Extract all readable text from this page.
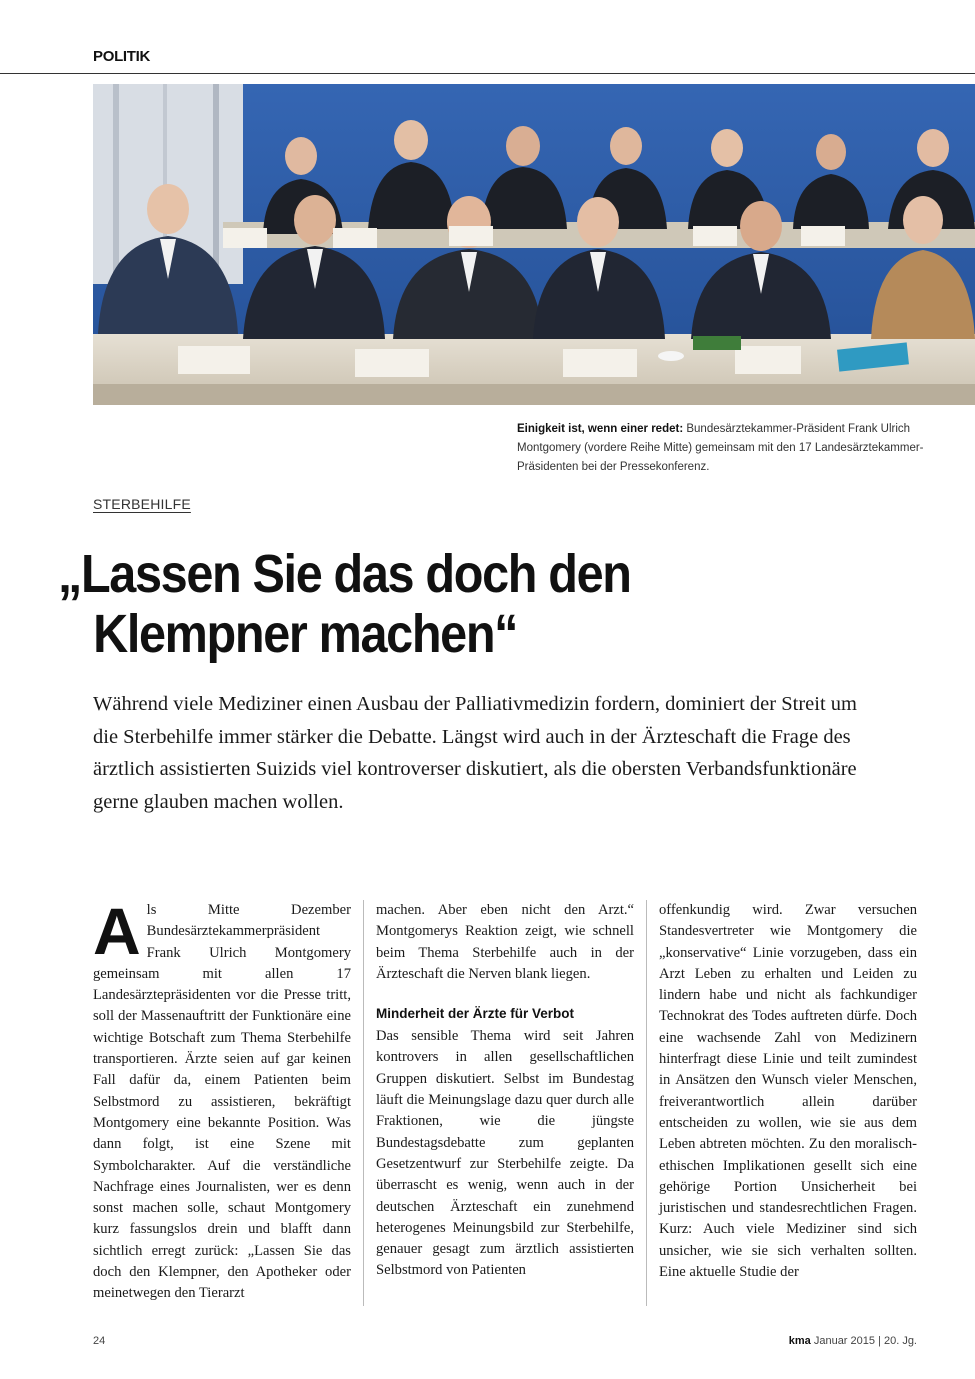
POLITIK
Einigkeit ist, wenn einer redet: Bundesärztekammer-Präsident Frank Ulrich Montgomery (vordere Reihe Mitte) gemeinsam mit den 17 Landesärztekammer-Präsidenten bei der Pressekonferenz.
STERBEHILFE
„Lassen Sie das doch den
Klempner machen“
Während viele Mediziner einen Ausbau der Palliativmedizin fordern, dominiert der Streit um die Sterbehilfe immer stärker die Debatte. Längst wird auch in der Ärzteschaft die Frage des ärztlich assistierten Suizids viel kontroverser diskutiert, als die obersten Verbandsfunktionäre gerne glauben machen wollen.

Als Mitte Dezember Bundesärztekammerpräsident Frank Ulrich Montgomery gemeinsam mit allen 17 Landesärztepräsidenten vor die Presse tritt, soll der Massenauftritt der Funktionäre eine wichtige Botschaft zum Thema Sterbehilfe transportieren. Ärzte seien auf gar keinen Fall dafür da, einem Patienten beim Selbstmord zu assistieren, bekräftigt Montgomery eine bekannte Position. Was dann folgt, ist eine Szene mit Symbolcharakter. Auf die verständliche Nachfrage eines Journalisten, wer es denn sonst machen solle, schaut Montgomery kurz fassungslos drein und blafft dann sichtlich erregt zurück: „Lassen Sie das doch den Klempner, den Apotheker oder meinetwegen den Tierarzt

machen. Aber eben nicht den Arzt.“ Montgomerys Reaktion zeigt, wie schnell beim Thema Sterbehilfe auch in der Ärzteschaft die Nerven blank liegen.

Minderheit der Ärzte für Verbot

Das sensible Thema wird seit Jahren kontrovers in allen gesellschaftlichen Gruppen diskutiert. Selbst im Bundestag läuft die Meinungslage dazu quer durch alle Fraktionen, wie die jüngste Bundestagsdebatte zum geplanten Gesetzentwurf zur Sterbehilfe zeigte. Da überrascht es wenig, wenn auch in der deutschen Ärzteschaft ein zunehmend heterogenes Meinungsbild zur Sterbehilfe, genauer gesagt zum ärztlich assistierten Selbstmord von Patienten

offenkundig wird. Zwar versuchen Standesvertreter wie Montgomery die „konservative“ Linie vorzugeben, dass ein Arzt Leben zu erhalten und Leiden zu lindern habe und nicht als fachkundiger Technokrat des Todes auftreten dürfe. Doch eine wachsende Zahl von Medizinern hinterfragt diese Linie und teilt zumindest in Ansätzen den Wunsch vieler Menschen, freiverantwortlich allein darüber entscheiden zu wollen, wie sie aus dem Leben abtreten möchten. Zu den moralisch-ethischen Implikationen gesellt sich eine gehörige Portion Unsicherheit bei juristischen und standesrechtlichen Fragen. Kurz: Auch viele Mediziner sind sich unsicher, wie sie sich verhalten sollten. Eine aktuelle Studie der

24	kma Januar 2015 | 20. Jg.
